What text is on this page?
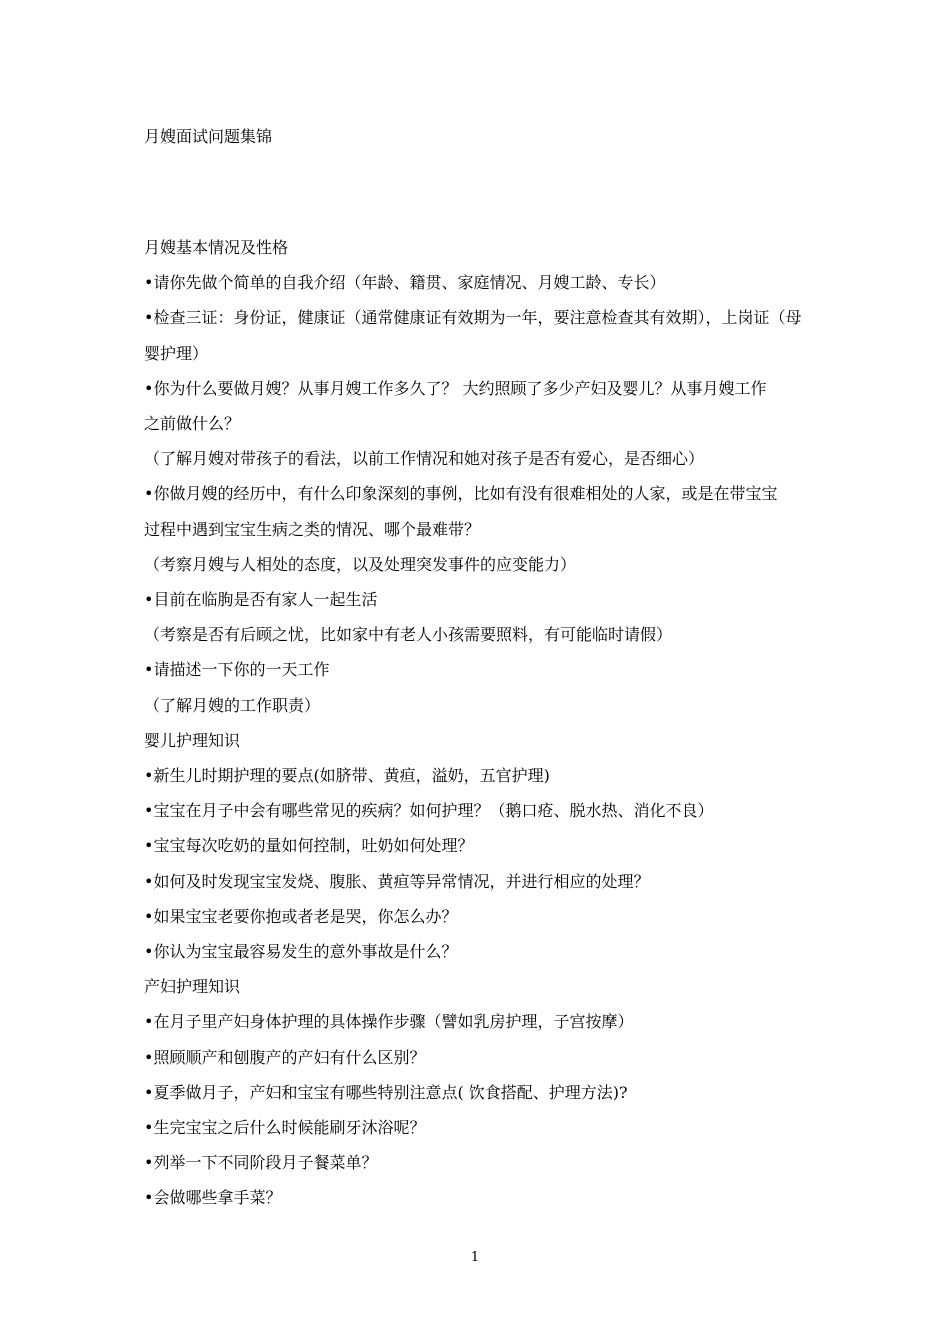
月嫂面试问题集锦

月嫂基本情况及性格

•请你先做个简单的自我介绍（年龄、籍贯、家庭情况、月嫂工龄、专长）

•检查三证：身份证，健康证（通常健康证有效期为一年，要注意检查其有效期），上岗证（母

婴护理）

•你为什么要做月嫂？从事月嫂工作多久了？ 大约照顾了多少产妇及婴儿？从事月嫂工作

之前做什么？

（了解月嫂对带孩子的看法，以前工作情况和她对孩子是否有爱心，是否细心）

•你做月嫂的经历中，有什么印象深刻的事例，比如有没有很难相处的人家，或是在带宝宝

过程中遇到宝宝生病之类的情况、哪个最难带？

（考察月嫂与人相处的态度，以及处理突发事件的应变能力）

•目前在临朐是否有家人一起生活

（考察是否有后顾之忧，比如家中有老人小孩需要照料，有可能临时请假）

•请描述一下你的一天工作

（了解月嫂的工作职责）

婴儿护理知识

•新生儿时期护理的要点(如脐带、黄疸，溢奶，五官护理)

•宝宝在月子中会有哪些常见的疾病？如何护理？（鹅口疮、脱水热、消化不良）

•宝宝每次吃奶的量如何控制，吐奶如何处理？

•如何及时发现宝宝发烧、腹胀、黄疸等异常情况，并进行相应的处理？

•如果宝宝老要你抱或者老是哭，你怎么办？

•你认为宝宝最容易发生的意外事故是什么？

产妇护理知识

•在月子里产妇身体护理的具体操作步骤（譬如乳房护理，子宫按摩）

•照顾顺产和刨腹产的产妇有什么区别？

•夏季做月子，产妇和宝宝有哪些特别注意点( 饮食搭配、护理方法)?

•生完宝宝之后什么时候能刷牙沐浴呢？

•列举一下不同阶段月子餐菜单？

•会做哪些拿手菜？

1
